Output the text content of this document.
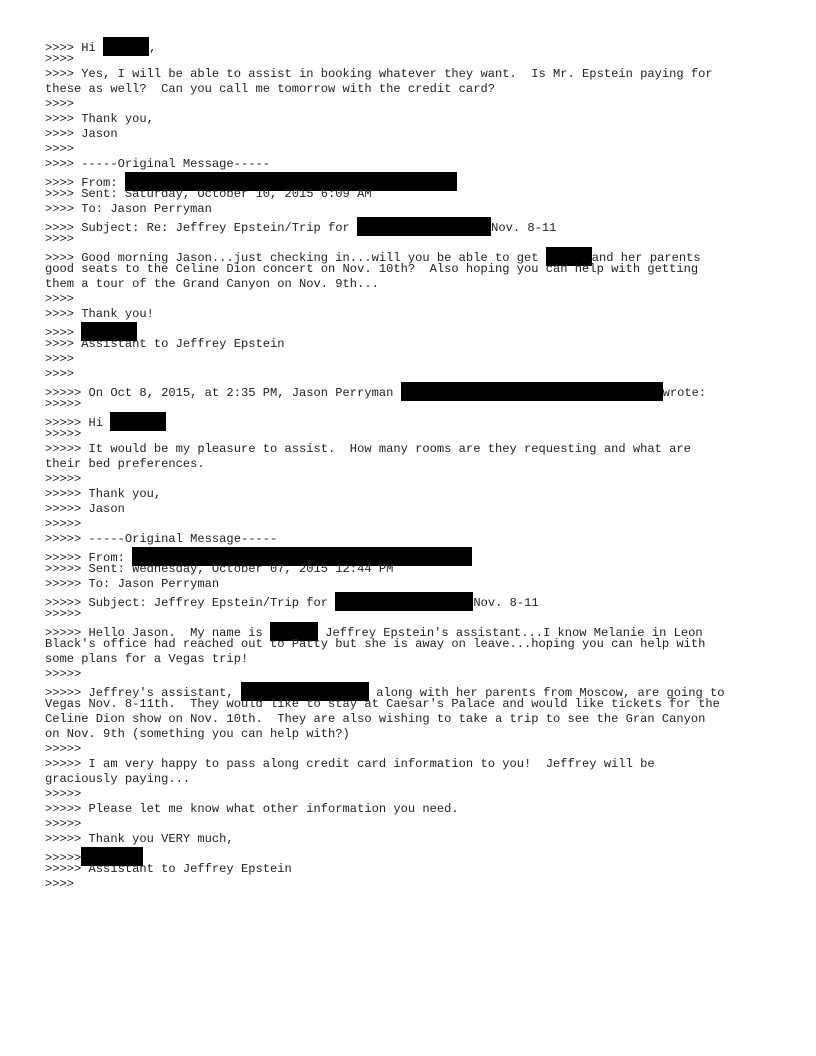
>>>> Hi	,
>>>>
>>>> Yes, I will be able to assist in booking whatever they want.  Is Mr. Epstein paying for
these as well?  Can you call me tomorrow with the credit card?
>>>>
>>>> Thank you,
>>>> Jason
>>>>
>>>> -----Original Message-----
>>>> From:
>>>> Sent: Saturday, October 10, 2015 6:09 AM
>>>> To: Jason Perryman
>>>> Subject: Re: Jeffrey Epstein/Trip for	Nov. 8-11
>>>>
>>>> Good morning Jason...just checking in...will you be able to get	and her parents
good seats to the Celine Dion concert on Nov. 10th?  Also hoping you can help with getting
them a tour of the Grand Canyon on Nov. 9th...
>>>>
>>>> Thank you!
>>>>
>>>> Assistant to Jeffrey Epstein
>>>>
>>>>
>>>>> On Oct 8, 2015, at 2:35 PM, Jason Perryman	wrote:
>>>>>
>>>>> Hi
>>>>>
>>>>> It would be my pleasure to assist.  How many rooms are they requesting and what are
their bed preferences.
>>>>>
>>>>> Thank you,
>>>>> Jason
>>>>>
>>>>> -----Original Message-----
>>>>> From:
>>>>> Sent: Wednesday, October 07, 2015 12:44 PM
>>>>> To: Jason Perryman
>>>>> Subject: Jeffrey Epstein/Trip for	Nov. 8-11
>>>>>
>>>>> Hello Jason.  My name is	Jeffrey Epstein's assistant...I know Melanie in Leon
Black's office had reached out to Patty but she is away on leave...hoping you can help with
some plans for a Vegas trip!
>>>>>
>>>>> Jeffrey's assistant,	along with her parents from Moscow, are going to
Vegas Nov. 8-11th.  They would like to stay at Caesar's Palace and would like tickets for the
Celine Dion show on Nov. 10th.  They are also wishing to take a trip to see the Gran Canyon
on Nov. 9th (something you can help with?)
>>>>>
>>>>> I am very happy to pass along credit card information to you!  Jeffrey will be
graciously paying...
>>>>>
>>>>> Please let me know what other information you need.
>>>>>
>>>>> Thank you VERY much,
>>>>>
>>>>> Assistant to Jeffrey Epstein
>>>>
